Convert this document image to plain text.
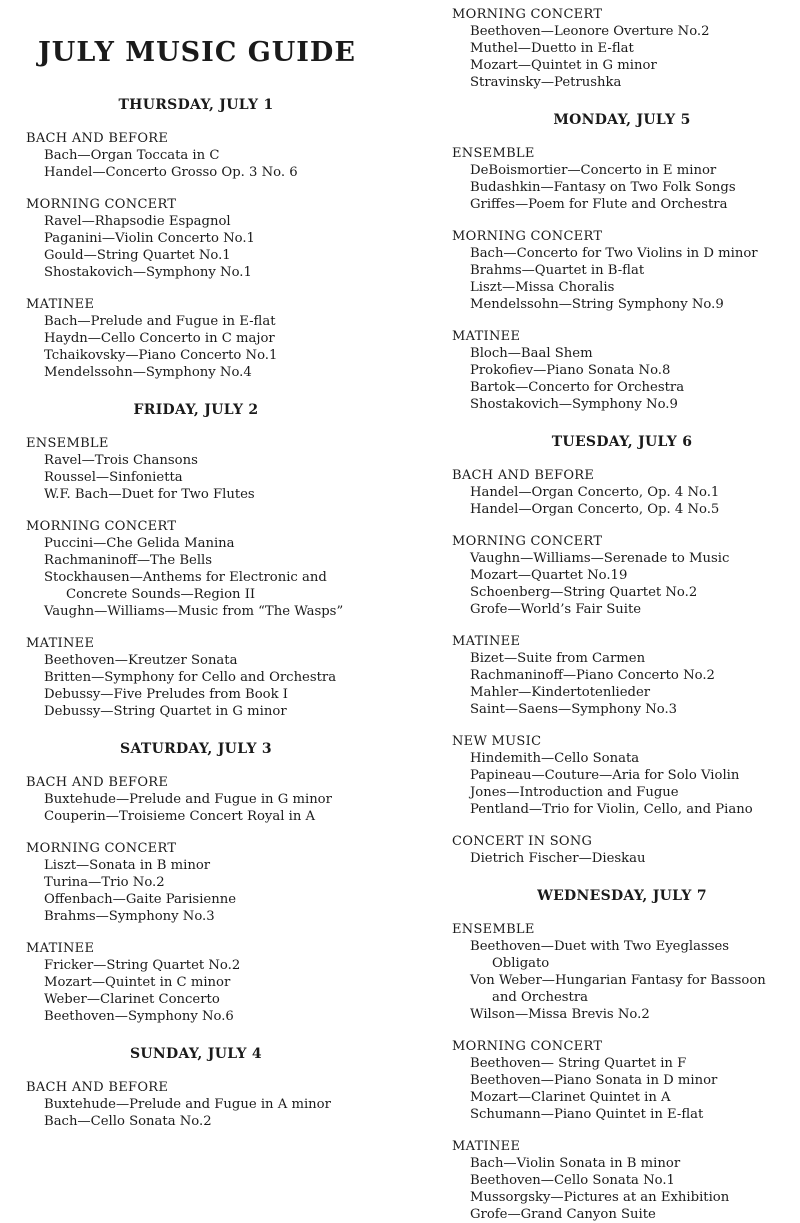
JULY MUSIC GUIDE
THURSDAY, JULY 1
BACH AND BEFORE
Bach—Organ Toccata in C
Handel—Concerto Grosso Op. 3 No. 6
MORNING CONCERT
Ravel—Rhapsodie Espagnol
Paganini—Violin Concerto No.1
Gould—String Quartet No.1
Shostakovich—Symphony No.1
MATINEE
Bach—Prelude and Fugue in E-flat
Haydn—Cello Concerto in C major
Tchaikovsky—Piano Concerto No.1
Mendelssohn—Symphony No.4
FRIDAY, JULY 2
ENSEMBLE
Ravel—Trois Chansons
Roussel—Sinfonietta
W.F. Bach—Duet for Two Flutes
MORNING CONCERT
Puccini—Che Gelida Manina
Rachmaninoff—The Bells
Stockhausen—Anthems for Electronic and
Concrete Sounds—Region II
Vaughn—Williams—Music from “The Wasps”
MATINEE
Beethoven—Kreutzer Sonata
Britten—Symphony for Cello and Orchestra
Debussy—Five Preludes from Book I
Debussy—String Quartet in G minor
SATURDAY, JULY 3
BACH AND BEFORE
Buxtehude—Prelude and Fugue in G minor
Couperin—Troisieme Concert Royal in A
MORNING CONCERT
Liszt—Sonata in B minor
Turina—Trio No.2
Offenbach—Gaite Parisienne
Brahms—Symphony No.3
MATINEE
Fricker—String Quartet No.2
Mozart—Quintet in C minor
Weber—Clarinet Concerto
Beethoven—Symphony No.6
SUNDAY, JULY 4
BACH AND BEFORE
Buxtehude—Prelude and Fugue in A minor
Bach—Cello Sonata No.2
MORNING CONCERT
Beethoven—Leonore Overture No.2
Muthel—Duetto in E-flat
Mozart—Quintet in G minor
Stravinsky—Petrushka
MONDAY, JULY 5
ENSEMBLE
DeBoismortier—Concerto in E minor
Budashkin—Fantasy on Two Folk Songs
Griffes—Poem for Flute and Orchestra
MORNING CONCERT
Bach—Concerto for Two Violins in D minor
Brahms—Quartet in B-flat
Liszt—Missa Choralis
Mendelssohn—String Symphony No.9
MATINEE
Bloch—Baal Shem
Prokofiev—Piano Sonata No.8
Bartok—Concerto for Orchestra
Shostakovich—Symphony No.9
TUESDAY, JULY 6
BACH AND BEFORE
Handel—Organ Concerto, Op. 4 No.1
Handel—Organ Concerto, Op. 4 No.5
MORNING CONCERT
Vaughn—Williams—Serenade to Music
Mozart—Quartet No.19
Schoenberg—String Quartet No.2
Grofe—World’s Fair Suite
MATINEE
Bizet—Suite from Carmen
Rachmaninoff—Piano Concerto No.2
Mahler—Kindertotenlieder
Saint—Saens—Symphony No.3
NEW MUSIC
Hindemith—Cello Sonata
Papineau—Couture—Aria for Solo Violin
Jones—Introduction and Fugue
Pentland—Trio for Violin, Cello, and Piano
CONCERT IN SONG
Dietrich Fischer—Dieskau
WEDNESDAY, JULY 7
ENSEMBLE
Beethoven—Duet with Two Eyeglasses
Obligato
Von Weber—Hungarian Fantasy for Bassoon
and Orchestra
Wilson—Missa Brevis No.2
MORNING CONCERT
Beethoven— String Quartet in F
Beethoven—Piano Sonata in D minor
Mozart—Clarinet Quintet in A
Schumann—Piano Quintet in E-flat
MATINEE
Bach—Violin Sonata in B minor
Beethoven—Cello Sonata No.1
Mussorgsky—Pictures at an Exhibition
Grofe—Grand Canyon Suite
